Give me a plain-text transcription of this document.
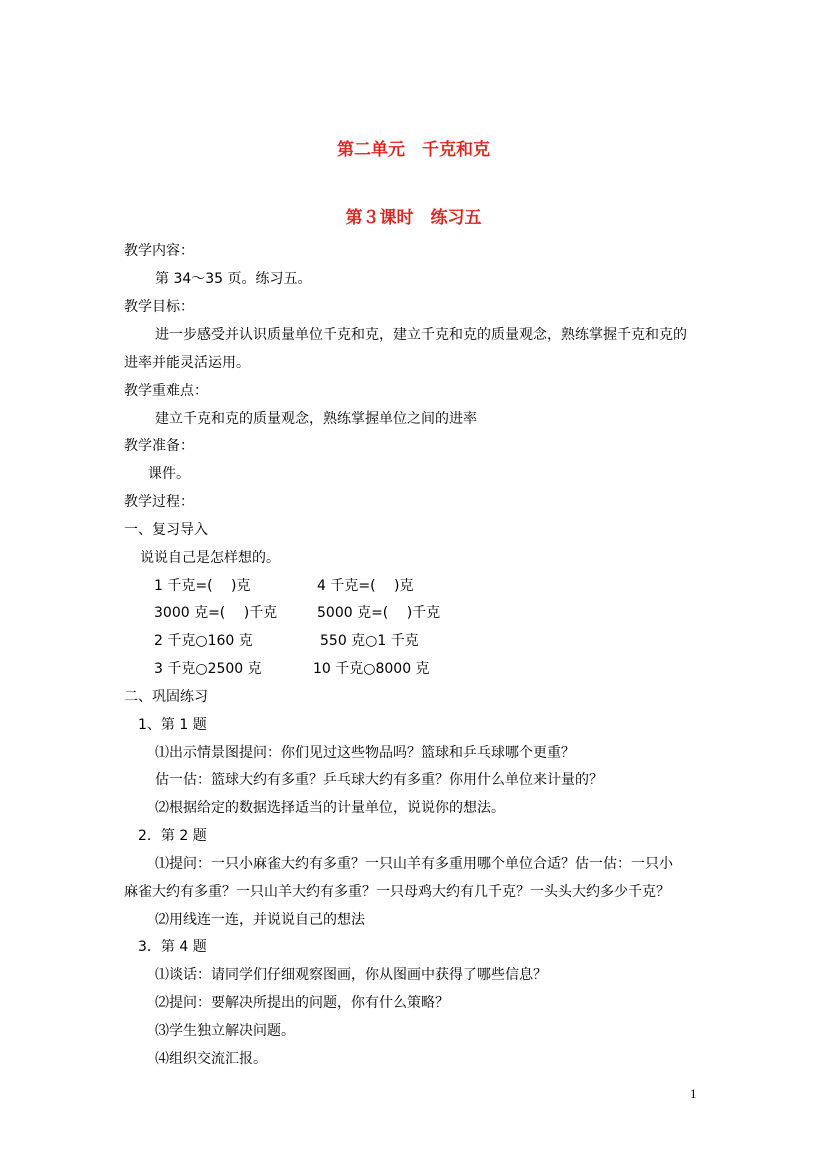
第二单元　千克和克
第３课时　练习五
教学内容：
第 34～35 页。练习五。
教学目标：
进一步感受并认识质量单位千克和克，建立千克和克的质量观念，熟练掌握千克和克的
进率并能灵活运用。
教学重难点：
建立千克和克的质量观念，熟练掌握单位之间的进率
教学准备：
课件。
教学过程：
一、复习导入
说说自己是怎样想的。
1 千克=(　 )克	4 千克=(　 )克
3000 克=(　 )千克	5000 克=(　 )千克
2 千克○160 克	550 克○1 千克
3 千克○2500 克	10 千克○8000 克
二、巩固练习
1、第 1 题
⑴出示情景图提问：你们见过这些物品吗？篮球和乒乓球哪个更重？
估一估：篮球大约有多重？乒乓球大约有多重？你用什么单位来计量的？
⑵根据给定的数据选择适当的计量单位，说说你的想法。
2．第 2 题
⑴提问：一只小麻雀大约有多重？一只山羊有多重用哪个单位合适？估一估：一只小
麻雀大约有多重？一只山羊大约有多重？一只母鸡大约有几千克？一头头大约多少千克？
⑵用线连一连，并说说自己的想法
3．第 4 题
⑴谈话：请同学们仔细观察图画，你从图画中获得了哪些信息？
⑵提问：要解决所提出的问题，你有什么策略？
⑶学生独立解决问题。
⑷组织交流汇报。
1
